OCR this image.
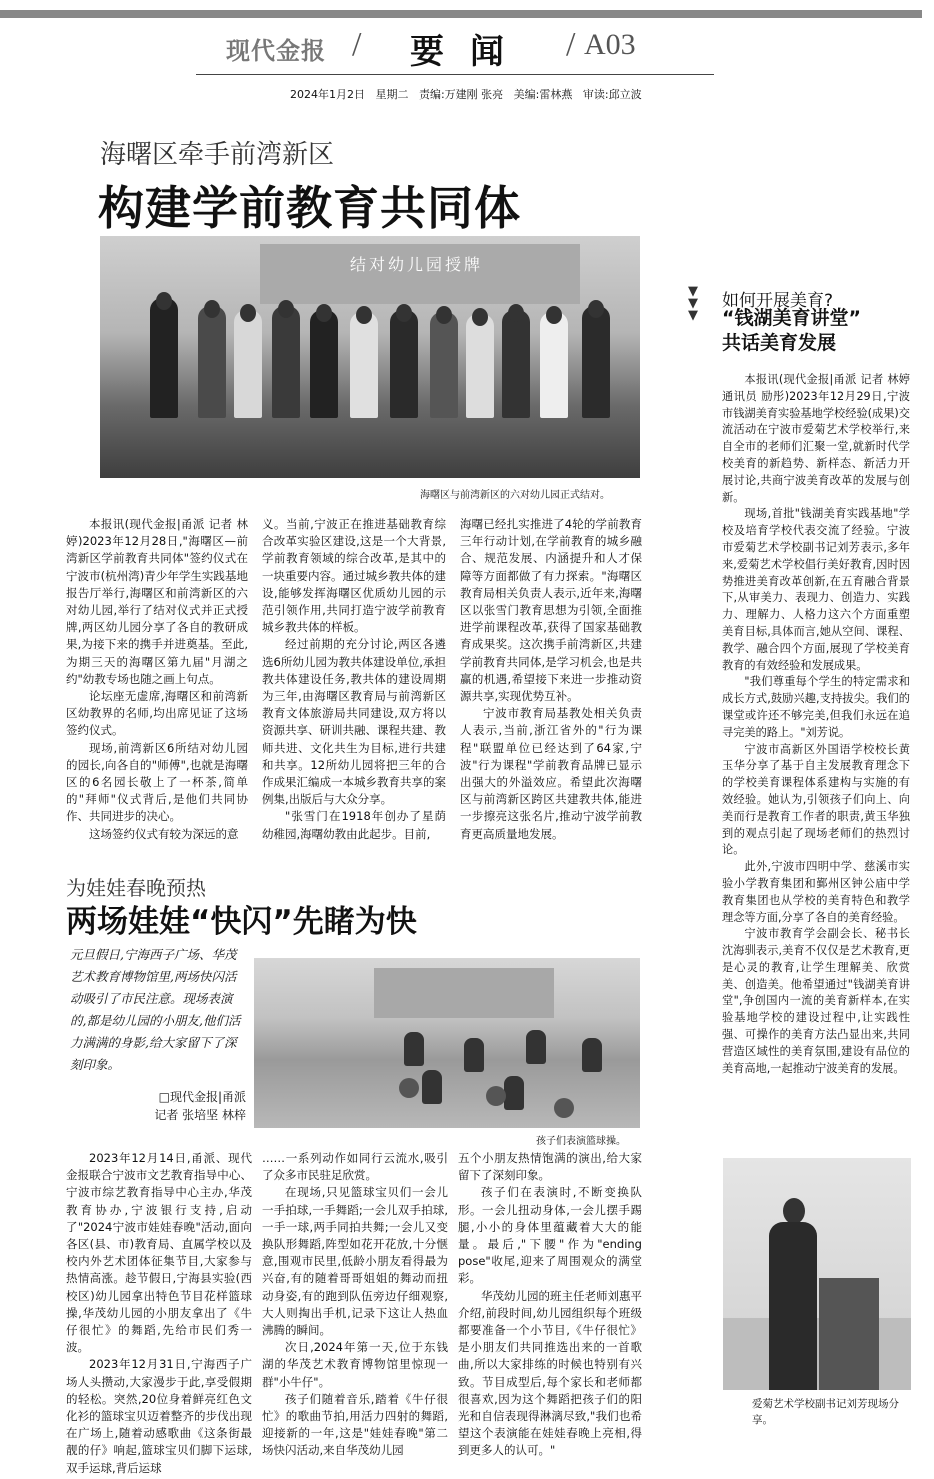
现代金报 / 要闻 / A03
2024年1月2日   星期二   责编:万建刚 张亮   美编:雷林燕   审读:邱立波
海曙区牵手前湾新区
构建学前教育共同体
结对幼儿园授牌
海曙区与前湾新区的六对幼儿园正式结对。

本报讯(现代金报|甬派 记者 林婷)2023年12月28日,"海曙区—前湾新区学前教育共同体"签约仪式在宁波市(杭州湾)青少年学生实践基地报告厅举行,海曙区和前湾新区的六对幼儿园,举行了结对仪式并正式授牌,两区幼儿园分享了各自的教研成果,为接下来的携手并进奠基。至此,为期三天的海曙区第九届"月湖之约"幼教专场也随之画上句点。

论坛座无虚席,海曙区和前湾新区幼教界的名师,均出席见证了这场签约仪式。

现场,前湾新区6所结对幼儿园的园长,向各自的"师傅",也就是海曙区的6名园长敬上了一杯茶,简单的"拜师"仪式背后,是他们共同协作、共同进步的决心。

这场签约仪式有较为深远的意

义。当前,宁波正在推进基础教育综合改革实验区建设,这是一个大背景,学前教育领域的综合改革,是其中的一块重要内容。通过城乡教共体的建设,能够发挥海曙区优质幼儿园的示范引领作用,共同打造宁波学前教育城乡教共体的样板。

经过前期的充分讨论,两区各遴选6所幼儿园为教共体建设单位,承担教共体建设任务,教共体的建设周期为三年,由海曙区教育局与前湾新区教育文体旅游局共同建设,双方将以资源共享、研训共融、课程共建、教师共进、文化共生为目标,进行共建和共享。12所幼儿园将把三年的合作成果汇编成一本城乡教育共享的案例集,出版后与大众分享。

"张雪门在1918年创办了星荫幼稚园,海曙幼教由此起步。目前,

海曙已经扎实推进了4轮的学前教育三年行动计划,在学前教育的城乡融合、规范发展、内涵提升和人才保障等方面都做了有力探索。"海曙区教育局相关负责人表示,近年来,海曙区以张雪门教育思想为引领,全面推进学前课程改革,获得了国家基础教育成果奖。这次携手前湾新区,共建学前教育共同体,是学习机会,也是共赢的机遇,希望接下来进一步推动资源共享,实现优势互补。

宁波市教育局基教处相关负责人表示,当前,浙江省外的"行为课程"联盟单位已经达到了64家,宁波"行为课程"学前教育品牌已显示出强大的外溢效应。希望此次海曙区与前湾新区跨区共建教共体,能进一步擦亮这张名片,推动宁波学前教育更高质量地发展。

为娃娃春晚预热
两场娃娃“快闪”先睹为快
元旦假日,宁海西子广场、华茂艺术教育博物馆里,两场快闪活动吸引了市民注意。现场表演的,都是幼儿园的小朋友,他们活力满满的身影,给大家留下了深刻印象。
□现代金报|甬派
记者 张培坚 林梓
孩子们表演篮球操。

2023年12月14日,甬派、现代金报联合宁波市文艺教育指导中心、宁波市综艺教育指导中心主办,华茂教育协办,宁波银行支持,启动了"2024宁波市娃娃春晚"活动,面向各区(县、市)教育局、直属学校以及校内外艺术团体征集节目,大家参与热情高涨。趁节假日,宁海县实验(西校区)幼儿园拿出特色节目花样篮球操,华茂幼儿园的小朋友拿出了《牛仔很忙》的舞蹈,先给市民们秀一波。

2023年12月31日,宁海西子广场人头攒动,大家漫步于此,享受假期的轻松。突然,20位身着鲜亮红色文化衫的篮球宝贝迈着整齐的步伐出现在广场上,随着动感歌曲《这条街最靓的仔》响起,篮球宝贝们脚下运球,双手运球,背后运球

……一系列动作如同行云流水,吸引了众多市民驻足欣赏。

在现场,只见篮球宝贝们一会儿一手拍球,一手舞蹈;一会儿双手拍球,一手一球,两手同拍共舞;一会儿又变换队形舞蹈,阵型如花开花放,十分惬意,围观市民里,低龄小朋友看得最为兴奋,有的随着哥哥姐姐的舞动而扭动身姿,有的跑到队伍旁边仔细观察,大人则掏出手机,记录下这让人热血沸腾的瞬间。

次日,2024年第一天,位于东钱湖的华茂艺术教育博物馆里惊现一群"小牛仔"。

孩子们随着音乐,踏着《牛仔很忙》的歌曲节拍,用活力四射的舞蹈,迎接新的一年,这是"娃娃春晚"第二场快闪活动,来自华茂幼儿园

五个小朋友热情饱满的演出,给大家留下了深刻印象。

孩子们在表演时,不断变换队形。一会儿扭动身体,一会儿摆手踢腿,小小的身体里蕴藏着大大的能量。最后,"下腰"作为"ending pose"收尾,迎来了周围观众的满堂彩。

华茂幼儿园的班主任老师刘惠平介绍,前段时间,幼儿园组织每个班级都要准备一个小节目,《牛仔很忙》是小朋友们共同推选出来的一首歌曲,所以大家排练的时候也特别有兴致。节目成型后,每个家长和老师都很喜欢,因为这个舞蹈把孩子们的阳光和自信表现得淋漓尽致,"我们也希望这个表演能在娃娃春晚上亮相,得到更多人的认可。"

▼
▼
▼
如何开展美育?
“钱湖美育讲堂”
共话美育发展

本报讯(现代金报|甬派 记者 林婷 通讯员 励彤)2023年12月29日,宁波市钱湖美育实验基地学校经验(成果)交流活动在宁波市爱菊艺术学校举行,来自全市的老师们汇聚一堂,就新时代学校美育的新趋势、新样态、新活力开展讨论,共商宁波美育改革的发展与创新。

现场,首批"钱湖美育实践基地"学校及培育学校代表交流了经验。宁波市爱菊艺术学校副书记刘芳表示,多年来,爱菊艺术学校倡行美好教育,因时因势推进美育改革创新,在五育融合背景下,从审美力、表现力、创造力、实践力、理解力、人格力这六个方面重塑美育目标,具体而言,她从空间、课程、教学、融合四个方面,展现了学校美育教育的有效经验和发展成果。

"我们尊重每个学生的特定需求和成长方式,鼓励兴趣,支持拔尖。我们的课堂或许还不够完美,但我们永远在追寻完美的路上。"刘芳说。

宁波市高新区外国语学校校长黄玉华分享了基于自主发展教育理念下的学校美育课程体系建构与实施的有效经验。她认为,引领孩子们向上、向美而行是教育工作者的职责,黄玉华独到的观点引起了现场老师们的热烈讨论。

此外,宁波市四明中学、慈溪市实验小学教育集团和鄞州区钟公庙中学教育集团也从学校的美育特色和教学理念等方面,分享了各自的美育经验。

宁波市教育学会副会长、秘书长沈海驯表示,美育不仅仅是艺术教育,更是心灵的教育,让学生理解美、欣赏美、创造美。他希望通过"钱湖美育讲堂",争创国内一流的美育新样本,在实验基地学校的建设过程中,让实践性强、可操作的美育方法凸显出来,共同营造区域性的美育氛围,建设有品位的美育高地,一起推动宁波美育的发展。

爱菊艺术学校副书记刘芳现场分享。
